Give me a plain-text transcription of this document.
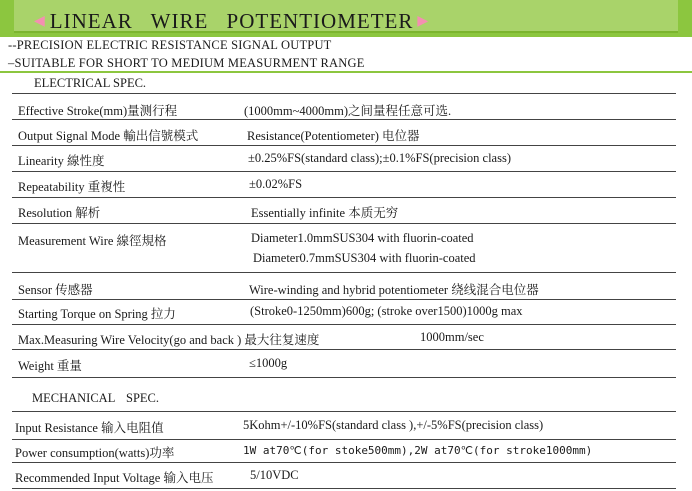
◀ LINEAR WIRE POTENTIOMETER ▶
--PRECISION ELECTRIC RESISTANCE SIGNAL OUTPUT
–SUITABLE FOR SHORT TO MEDIUM MEASURMENT RANGE
ELECTRICAL SPEC.
Effective Stroke(mm)量测行程	(1000mm~4000mm)之间量程任意可选.
Output Signal Mode 輸出信號模式	Resistance(Potentiometer) 电位器
Linearity 線性度	±0.25%FS(standard class);±0.1%FS(precision class)
Repeatability 重複性	±0.02%FS
Resolution 解析	Essentially infinite 本质无穷
Measurement Wire 線徑規格	Diameter1.0mmSUS304 with fluorin-coated
Diameter0.7mmSUS304 with fluorin-coated
Sensor 传感器	Wire-winding and hybrid potentiometer 绕线混合电位器
Starting Torque on Spring 拉力	(Stroke0-1250mm)600g; (stroke over1500)1000g max
Max.Measuring Wire Velocity(go and back ) 最大往复速度	1000mm/sec
Weight 重量	≤1000g
MECHANICAL SPEC.
Input Resistance 输入电阻值	5Kohm+/-10%FS(standard class ),+/-5%FS(precision class)
Power consumption(watts)功率	1W at70℃(for stoke500mm),2W at70℃(for stroke1000mm)
Recommended Input Voltage 输入电压	5/10VDC
